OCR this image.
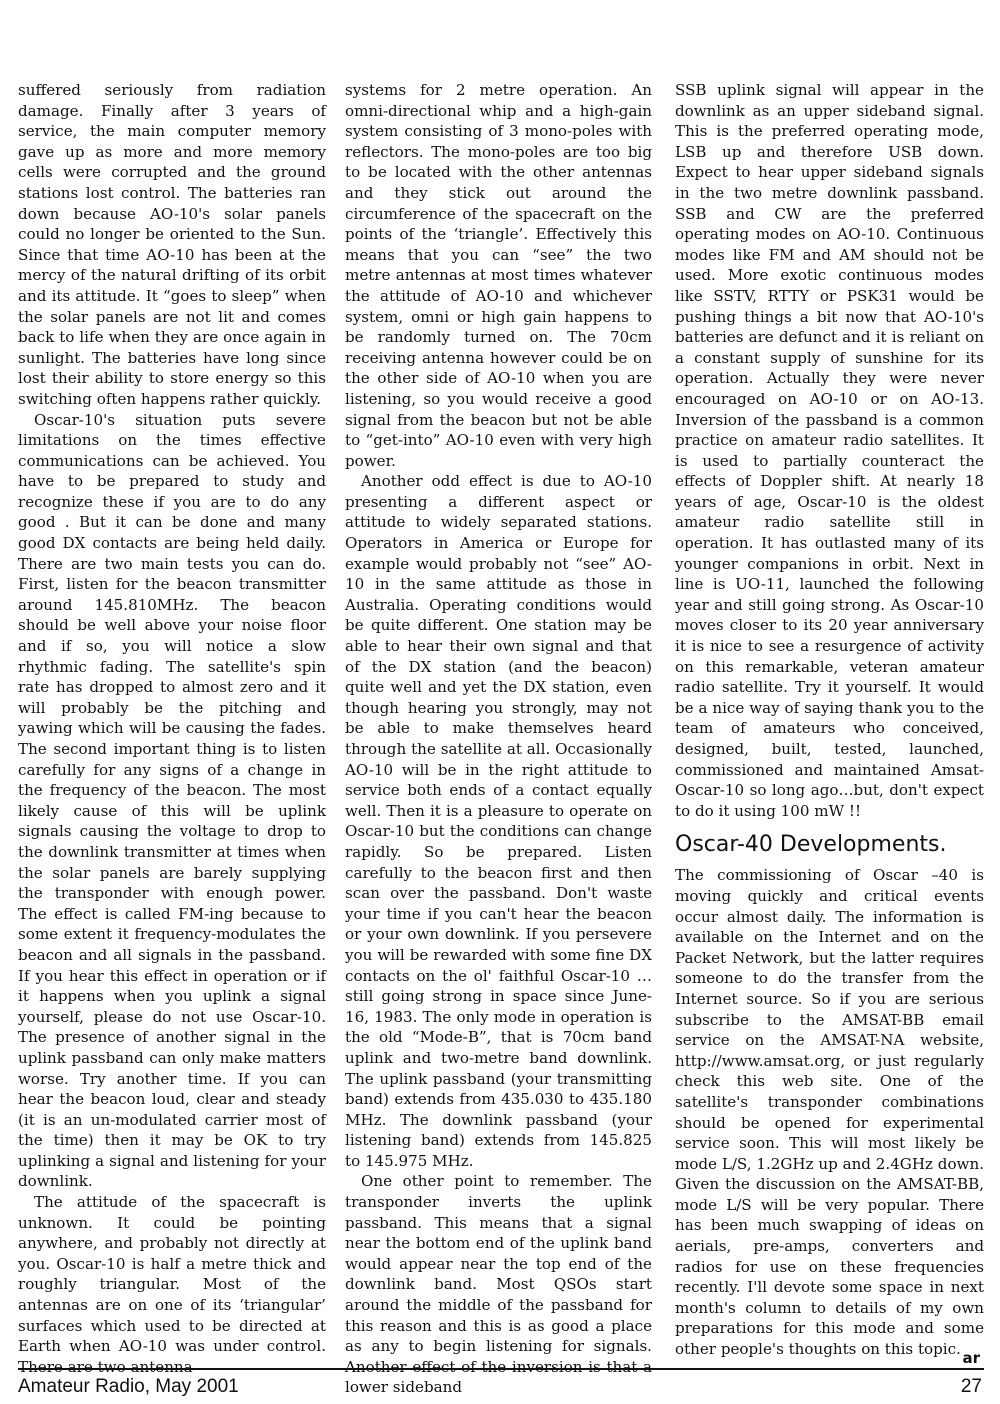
suffered seriously from radiation damage. Finally after 3 years of service, the main computer memory gave up as more and more memory cells were corrupted and the ground stations lost control. The batteries ran down because AO-10's solar panels could no longer be oriented to the Sun. Since that time AO-10 has been at the mercy of the natural drifting of its orbit and its attitude. It “goes to sleep” when the solar panels are not lit and comes back to life when they are once again in sunlight. The batteries have long since lost their ability to store energy so this switching often happens rather quickly.

Oscar-10's situation puts severe limitations on the times effective communications can be achieved. You have to be prepared to study and recognize these if you are to do any good . But it can be done and many good DX contacts are being held daily. There are two main tests you can do. First, listen for the beacon transmitter around 145.810MHz. The beacon should be well above your noise floor and if so, you will notice a slow rhythmic fading. The satellite's spin rate has dropped to almost zero and it will probably be the pitching and yawing which will be causing the fades. The second important thing is to listen carefully for any signs of a change in the frequency of the beacon. The most likely cause of this will be uplink signals causing the voltage to drop to the downlink transmitter at times when the solar panels are barely supplying the transponder with enough power. The effect is called FM-ing because to some extent it frequency-modulates the beacon and all signals in the passband. If you hear this effect in operation or if it happens when you uplink a signal yourself, please do not use Oscar-10. The presence of another signal in the uplink passband can only make matters worse. Try another time. If you can hear the beacon loud, clear and steady (it is an un-modulated carrier most of the time) then it may be OK to try uplinking a signal and listening for your downlink.

The attitude of the spacecraft is unknown. It could be pointing anywhere, and probably not directly at you. Oscar-10 is half a metre thick and roughly triangular. Most of the antennas are on one of its ‘triangular’ surfaces which used to be directed at Earth when AO-10 was under control. There are two antenna

systems for 2 metre operation. An omni-directional whip and a high-gain system consisting of 3 mono-poles with reflectors. The mono-poles are too big to be located with the other antennas and they stick out around the circumference of the spacecraft on the points of the ‘triangle’. Effectively this means that you can “see” the two metre antennas at most times whatever the attitude of AO-10 and whichever system, omni or high gain happens to be randomly turned on. The 70cm receiving antenna however could be on the other side of AO-10 when you are listening, so you would receive a good signal from the beacon but not be able to “get-into” AO-10 even with very high power.

Another odd effect is due to AO-10 presenting a different aspect or attitude to widely separated stations. Operators in America or Europe for example would probably not “see” AO-10 in the same attitude as those in Australia. Operating conditions would be quite different. One station may be able to hear their own signal and that of the DX station (and the beacon) quite well and yet the DX station, even though hearing you strongly, may not be able to make themselves heard through the satellite at all. Occasionally AO-10 will be in the right attitude to service both ends of a contact equally well. Then it is a pleasure to operate on Oscar-10 but the conditions can change rapidly. So be prepared. Listen carefully to the beacon first and then scan over the passband. Don't waste your time if you can't hear the beacon or your own downlink. If you persevere you will be rewarded with some fine DX contacts on the ol' faithful Oscar-10 … still going strong in space since June-16, 1983. The only mode in operation is the old “Mode-B”, that is 70cm band uplink and two-metre band downlink. The uplink passband (your transmitting band) extends from 435.030 to 435.180 MHz. The downlink passband (your listening band) extends from 145.825 to 145.975 MHz.

One other point to remember. The transponder inverts the uplink passband. This means that a signal near the bottom end of the uplink band would appear near the top end of the downlink band. Most QSOs start around the middle of the passband for this reason and this is as good a place as any to begin listening for signals. Another effect of the inversion is that a lower sideband

SSB uplink signal will appear in the downlink as an upper sideband signal. This is the preferred operating mode, LSB up and therefore USB down. Expect to hear upper sideband signals in the two metre downlink passband. SSB and CW are the preferred operating modes on AO-10. Continuous modes like FM and AM should not be used. More exotic continuous modes like SSTV, RTTY or PSK31 would be pushing things a bit now that AO-10's batteries are defunct and it is reliant on a constant supply of sunshine for its operation. Actually they were never encouraged on AO-10 or on AO-13. Inversion of the passband is a common practice on amateur radio satellites. It is used to partially counteract the effects of Doppler shift. At nearly 18 years of age, Oscar-10 is the oldest amateur radio satellite still in operation. It has outlasted many of its younger companions in orbit. Next in line is UO-11, launched the following year and still going strong. As Oscar-10 moves closer to its 20 year anniversary it is nice to see a resurgence of activity on this remarkable, veteran amateur radio satellite. Try it yourself. It would be a nice way of saying thank you to the team of amateurs who conceived, designed, built, tested, launched, commissioned and maintained Amsat-Oscar-10 so long ago…but, don't expect to do it using 100 mW !!

Oscar-40 Developments.

The commissioning of Oscar –40 is moving quickly and critical events occur almost daily. The information is available on the Internet and on the Packet Network, but the latter requires someone to do the transfer from the Internet source. So if you are serious subscribe to the AMSAT-BB email service on the AMSAT-NA website, http://www.amsat.org, or just regularly check this web site. One of the satellite's transponder combinations should be opened for experimental service soon. This will most likely be mode L/S, 1.2GHz up and 2.4GHz down. Given the discussion on the AMSAT-BB, mode L/S will be very popular. There has been much swapping of ideas on aerials, pre-amps, converters and radios for use on these frequencies recently. I'll devote some space in next month's column to details of my own preparations for this mode and some other people's thoughts on this topic. ar
Amateur Radio, May 2001	27
